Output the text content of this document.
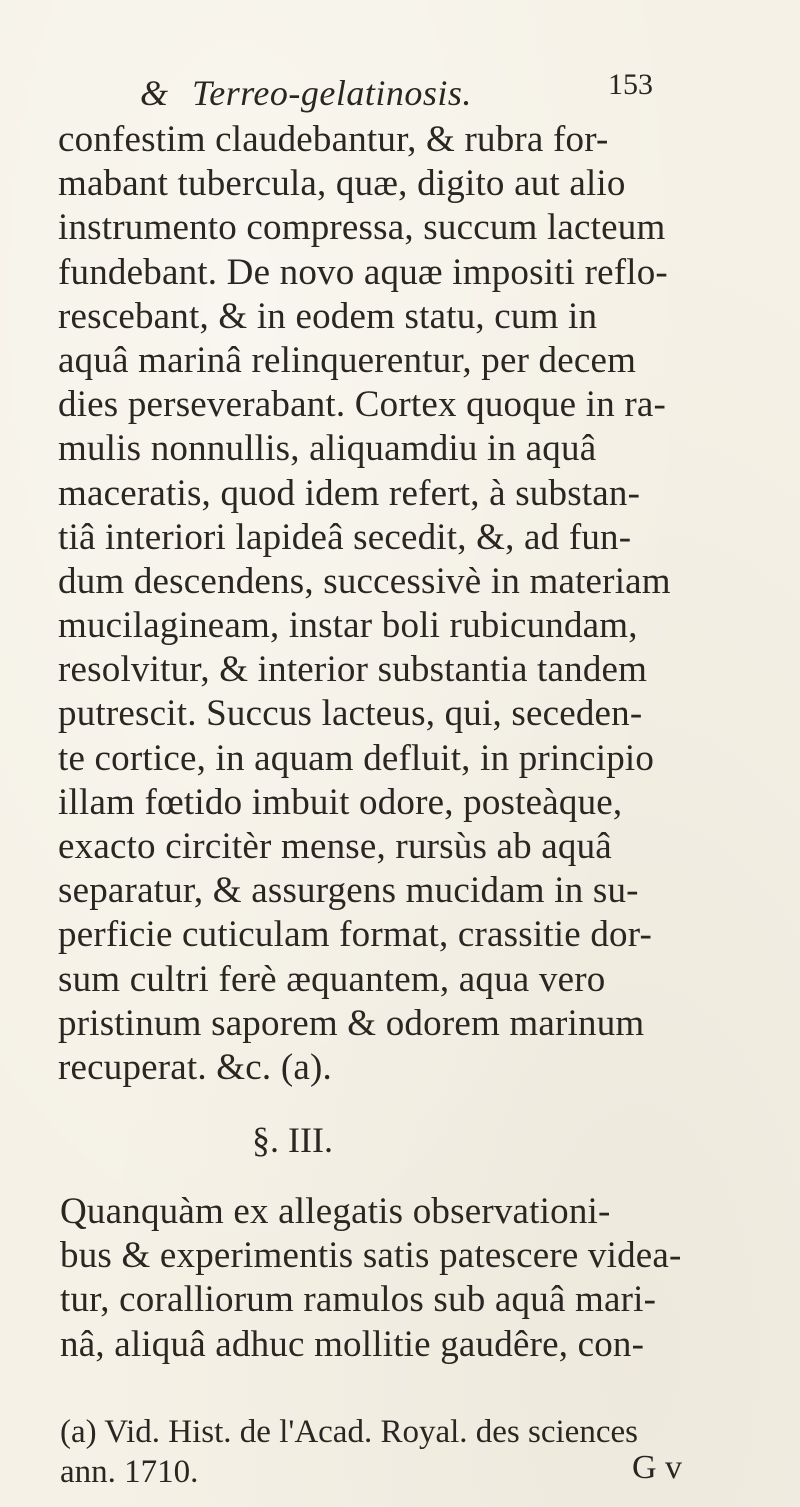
& Terreo-gelatinosis.	153
confestim claudebantur, & rubra for-
mabant tubercula, quæ, digito aut alio
instrumento compressa, succum lacteum
fundebant. De novo aquæ impositi reflo-
rescebant, & in eodem statu, cum in
aquâ marinâ relinquerentur, per decem
dies perseverabant. Cortex quoque in ra-
mulis nonnullis, aliquamdiu in aquâ
maceratis, quod idem refert, à substan-
tiâ interiori lapideâ secedit, &, ad fun-
dum descendens, successivè in materiam
mucilagineam, instar boli rubicundam,
resolvitur, & interior substantia tandem
putrescit. Succus lacteus, qui, seceden-
te cortice, in aquam defluit, in principio
illam fœtido imbuit odore, posteàque,
exacto circitèr mense, rursùs ab aquâ
separatur, & assurgens mucidam in su-
perficie cuticulam format, crassitie dor-
sum cultri ferè æquantem, aqua vero
pristinum saporem & odorem marinum
recuperat. &c. (a).
§. III.
Quanquàm ex allegatis observationi-
bus & experimentis satis patescere videa-
tur, coralliorum ramulos sub aquâ mari-
nâ, aliquâ adhuc mollitie gaudêre, con-
(a) Vid. Hist. de l'Acad. Royal. des sciences
ann. 1710.	G v
